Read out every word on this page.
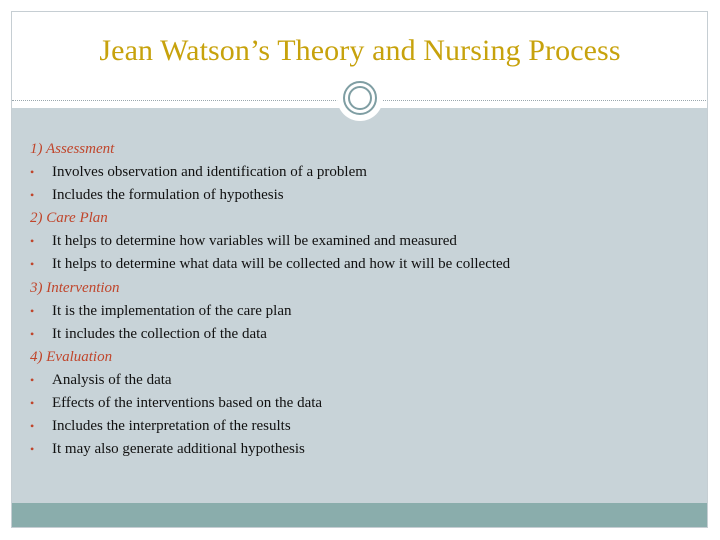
Jean Watson’s Theory and Nursing Process
1) Assessment
• Involves observation and identification of a problem
• Includes the formulation of hypothesis
2) Care Plan
• It helps to determine how variables will be examined and measured
• It helps to determine what data will be collected and how it will be collected
3) Intervention
• It is the implementation of the care plan
• It includes the collection of the data
4) Evaluation
• Analysis of the data
• Effects of the interventions based on the data
• Includes the interpretation of the results
• It may also generate additional hypothesis
